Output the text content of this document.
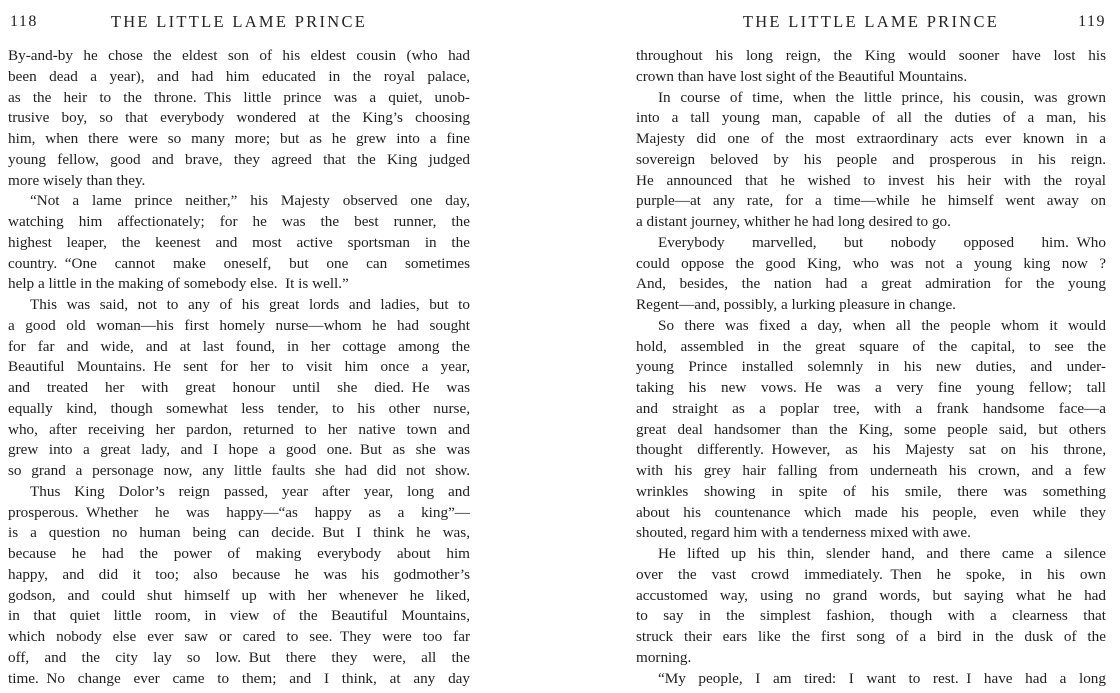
118	THE LITTLE LAME PRINCE
By-and-by he chose the eldest son of his eldest cousin (who had
been dead a year), and had him educated in the royal palace,
as the heir to the throne. This little prince was a quiet, unob-
trusive boy, so that everybody wondered at the King’s choosing
him, when there were so many more; but as he grew into a fine
young fellow, good and brave, they agreed that the King judged
more wisely than they.
“Not a lame prince neither,” his Majesty observed one day,
watching him affectionately; for he was the best runner, the
highest leaper, the keenest and most active sportsman in the
country. “One cannot make oneself, but one can sometimes
help a little in the making of somebody else. It is well.”
This was said, not to any of his great lords and ladies, but to
a good old woman—his first homely nurse—whom he had sought
for far and wide, and at last found, in her cottage among the
Beautiful Mountains. He sent for her to visit him once a year,
and treated her with great honour until she died. He was
equally kind, though somewhat less tender, to his other nurse,
who, after receiving her pardon, returned to her native town and
grew into a great lady, and I hope a good one. But as she was
so grand a personage now, any little faults she had did not show.
Thus King Dolor’s reign passed, year after year, long and
prosperous. Whether he was happy—“as happy as a king”—
is a question no human being can decide. But I think he was,
because he had the power of making everybody about him
happy, and did it too; also because he was his godmother’s
godson, and could shut himself up with her whenever he liked,
in that quiet little room, in view of the Beautiful Mountains,
which nobody else ever saw or cared to see. They were too far
off, and the city lay so low. But there they were, all the
time. No change ever came to them; and I think, at any day
THE LITTLE LAME PRINCE	119
throughout his long reign, the King would sooner have lost his
crown than have lost sight of the Beautiful Mountains.
In course of time, when the little prince, his cousin, was grown
into a tall young man, capable of all the duties of a man, his
Majesty did one of the most extraordinary acts ever known in a
sovereign beloved by his people and prosperous in his reign.
He announced that he wished to invest his heir with the royal
purple—at any rate, for a time—while he himself went away on
a distant journey, whither he had long desired to go.
Everybody marvelled, but nobody opposed him. Who
could oppose the good King, who was not a young king now ?
And, besides, the nation had a great admiration for the young
Regent—and, possibly, a lurking pleasure in change.
So there was fixed a day, when all the people whom it would
hold, assembled in the great square of the capital, to see the
young Prince installed solemnly in his new duties, and under-
taking his new vows. He was a very fine young fellow; tall
and straight as a poplar tree, with a frank handsome face—a
great deal handsomer than the King, some people said, but others
thought differently. However, as his Majesty sat on his throne,
with his grey hair falling from underneath his crown, and a few
wrinkles showing in spite of his smile, there was something
about his countenance which made his people, even while they
shouted, regard him with a tenderness mixed with awe.
He lifted up his thin, slender hand, and there came a silence
over the vast crowd immediately. Then he spoke, in his own
accustomed way, using no grand words, but saying what he had
to say in the simplest fashion, though with a clearness that
struck their ears like the first song of a bird in the dusk of the
morning.
“My people, I am tired: I want to rest. I have had a long
